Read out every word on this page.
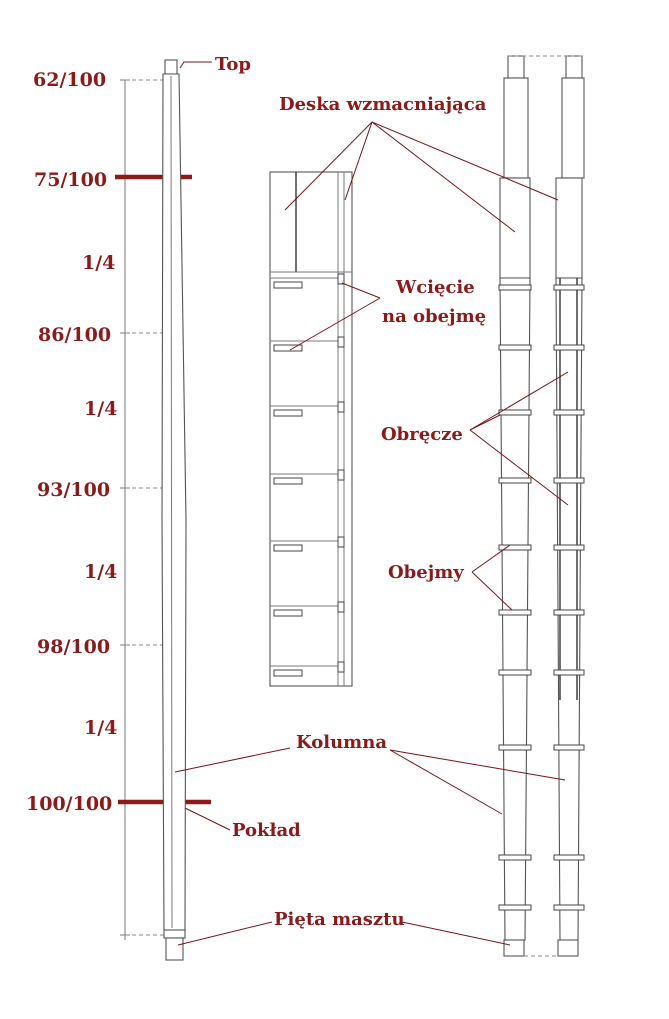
62/100
75/100
1/4
86/100
1/4
93/100
1/4
98/100
1/4
100/100
Top
Deska wzmacniająca
Wcięcie
na obejmę
Obręcze
Obejmy
Kolumna
Pokład
Pięta masztu
